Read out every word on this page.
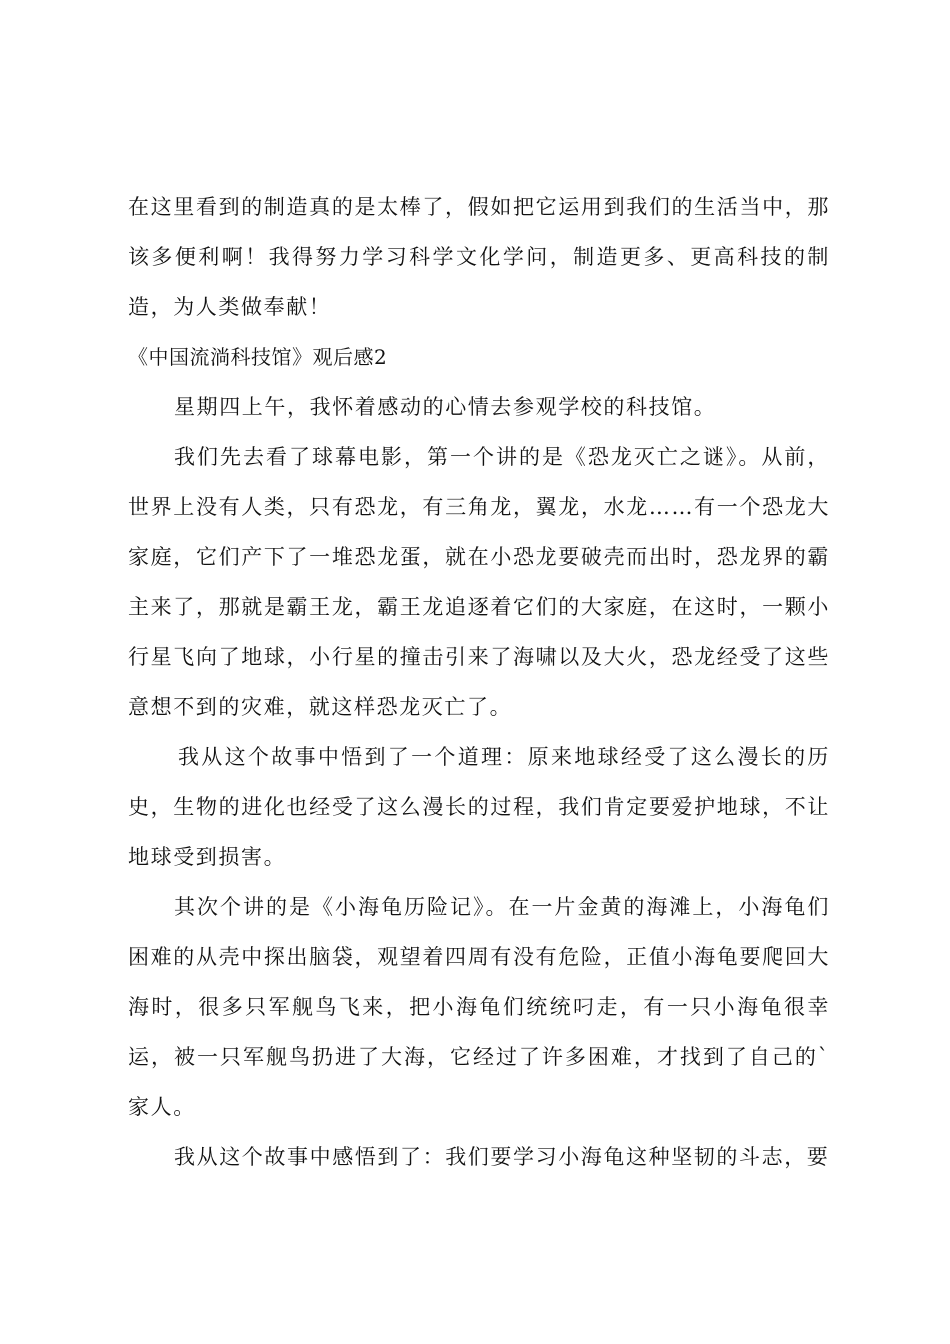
在这里看到的制造真的是太棒了，假如把它运用到我们的生活当中，那该多便利啊！我得努力学习科学文化学问，制造更多、更高科技的制造，为人类做奉献！

《中国流淌科技馆》观后感2

星期四上午，我怀着感动的心情去参观学校的科技馆。

我们先去看了球幕电影，第一个讲的是《恐龙灭亡之谜》。从前，世界上没有人类，只有恐龙，有三角龙，翼龙，水龙……有一个恐龙大家庭，它们产下了一堆恐龙蛋，就在小恐龙要破壳而出时，恐龙界的霸主来了，那就是霸王龙，霸王龙追逐着它们的大家庭，在这时，一颗小行星飞向了地球，小行星的撞击引来了海啸以及大火，恐龙经受了这些意想不到的灾难，就这样恐龙灭亡了。

我从这个故事中悟到了一个道理：原来地球经受了这么漫长的历史，生物的进化也经受了这么漫长的过程，我们肯定要爱护地球，不让地球受到损害。

其次个讲的是《小海龟历险记》。在一片金黄的海滩上，小海龟们困难的从壳中探出脑袋，观望着四周有没有危险，正值小海龟要爬回大海时，很多只军舰鸟飞来，把小海龟们统统叼走，有一只小海龟很幸运，被一只军舰鸟扔进了大海，它经过了许多困难，才找到了自己的`家人。

我从这个故事中感悟到了：我们要学习小海龟这种坚韧的斗志，要
